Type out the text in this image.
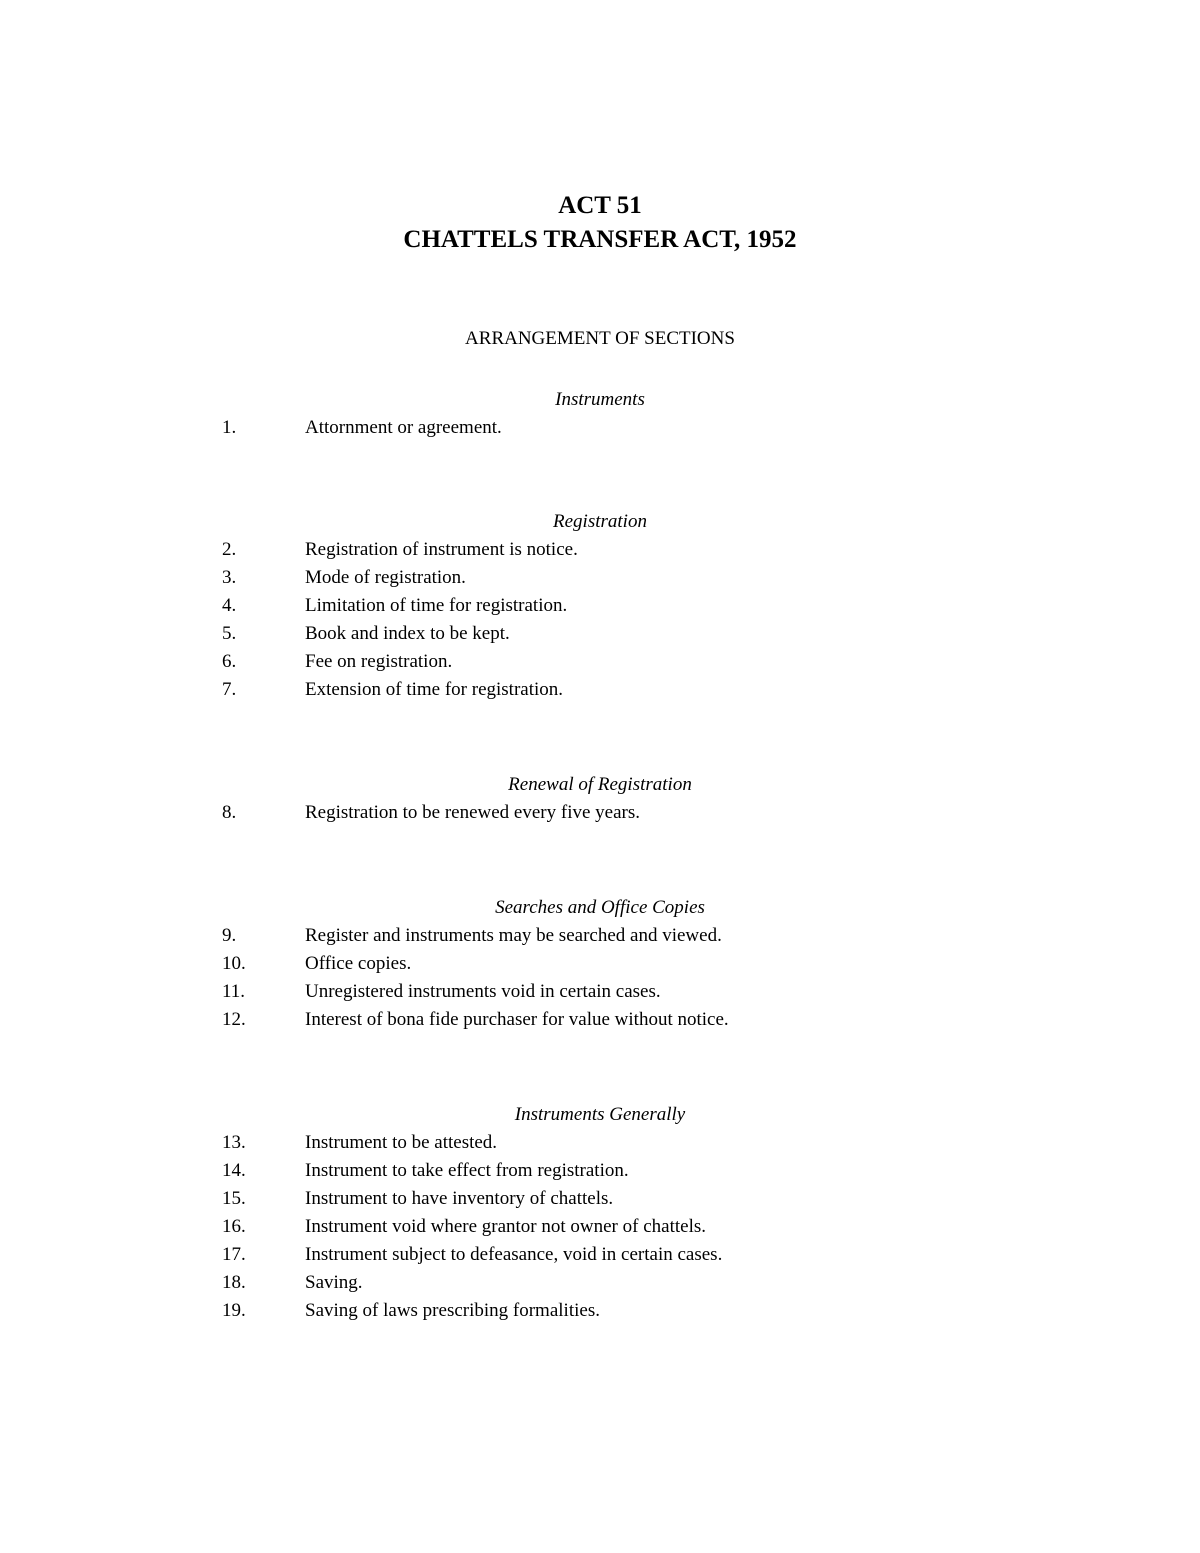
ACT 51
CHATTELS TRANSFER ACT, 1952
ARRANGEMENT OF SECTIONS
Instruments
1.	Attornment or agreement.
Registration
2.	Registration of instrument is notice.
3.	Mode of registration.
4.	Limitation of time for registration.
5.	Book and index to be kept.
6.	Fee on registration.
7.	Extension of time for registration.
Renewal of Registration
8.	Registration to be renewed every five years.
Searches and Office Copies
9.	Register and instruments may be searched and viewed.
10.	Office copies.
11.	Unregistered instruments void in certain cases.
12.	Interest of bona fide purchaser for value without notice.
Instruments Generally
13.	Instrument to be attested.
14.	Instrument to take effect from registration.
15.	Instrument to have inventory of chattels.
16.	Instrument void where grantor not owner of chattels.
17.	Instrument subject to defeasance, void in certain cases.
18.	Saving.
19.	Saving of laws prescribing formalities.
